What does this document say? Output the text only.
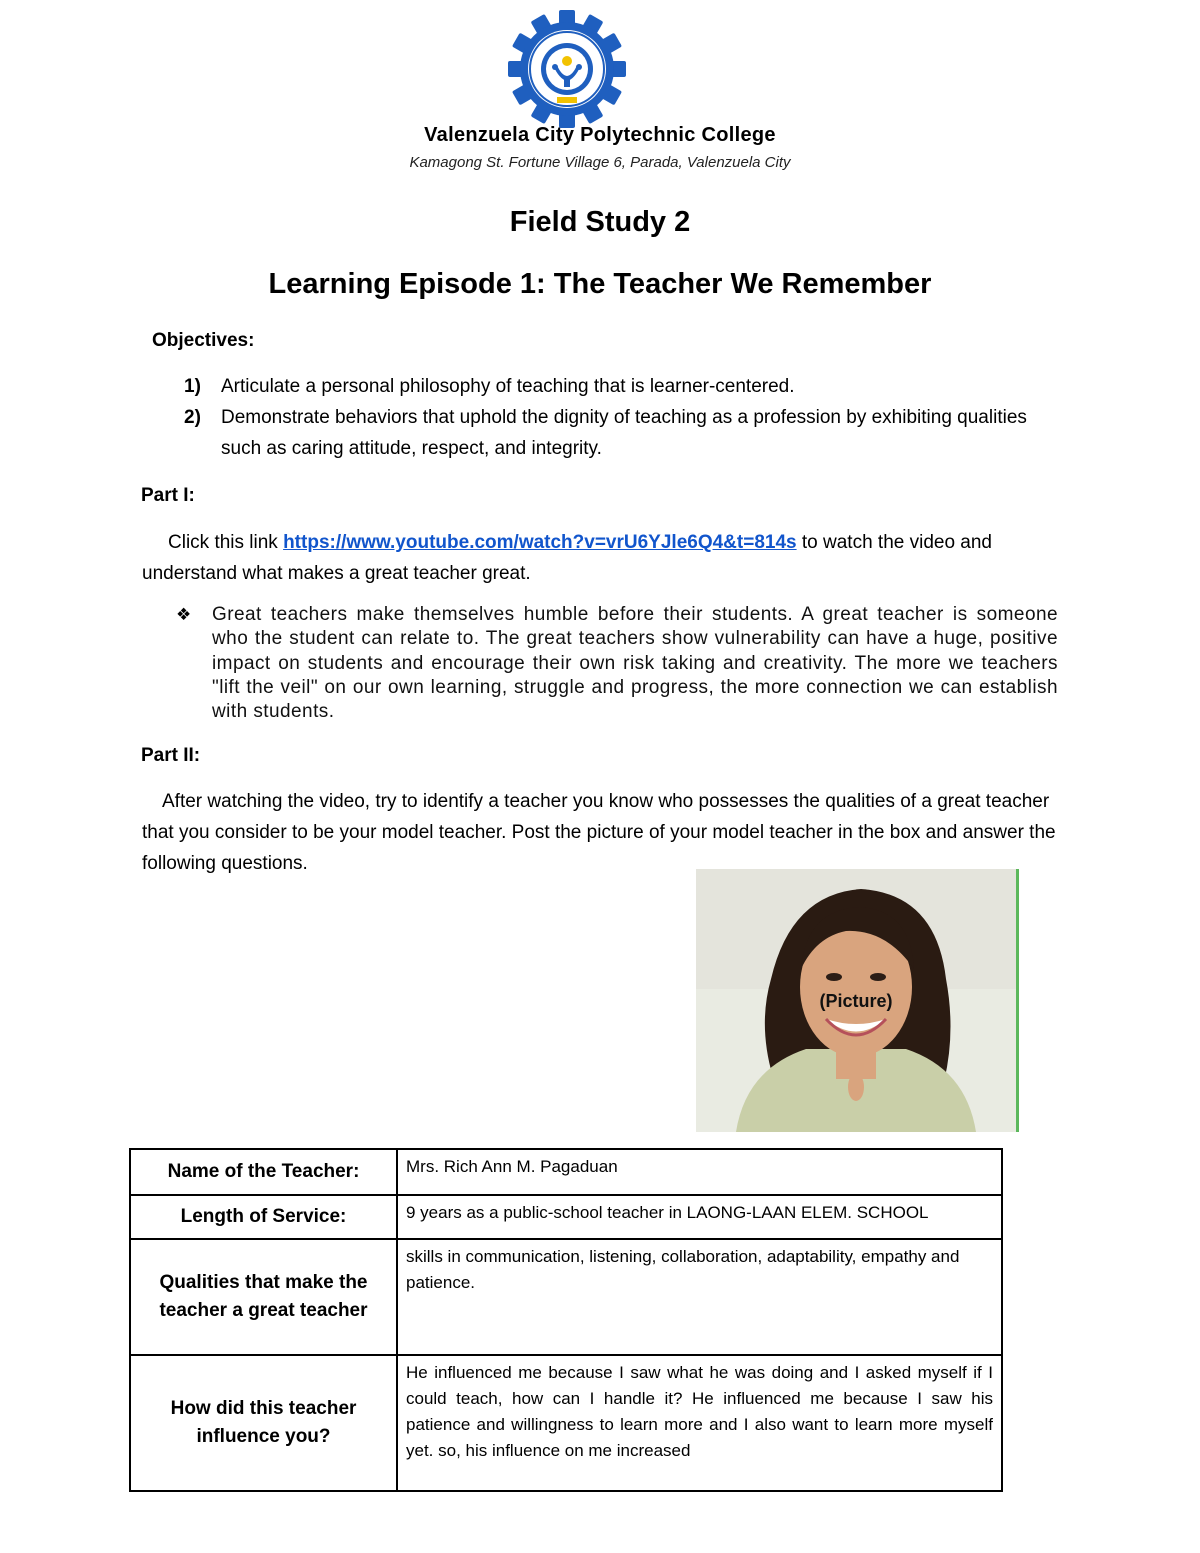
Valenzuela City Polytechnic College
Kamagong St. Fortune Village 6, Parada, Valenzuela City
Field Study 2
Learning Episode 1: The Teacher We Remember
Objectives:
1) Articulate a personal philosophy of teaching that is learner-centered.
2) Demonstrate behaviors that uphold the dignity of teaching as a profession by exhibiting qualities such as caring attitude, respect, and integrity.
Part I:
Click this link https://www.youtube.com/watch?v=vrU6YJle6Q4&t=814s to watch the video and understand what makes a great teacher great.
❖ Great teachers make themselves humble before their students. A great teacher is someone who the student can relate to. The great teachers show vulnerability can have a huge, positive impact on students and encourage their own risk taking and creativity. The more we teachers "lift the veil" on our own learning, struggle and progress, the more connection we can establish with students.
Part II:
After watching the video, try to identify a teacher you know who possesses the qualities of a great teacher that you consider to be your model teacher. Post the picture of your model teacher in the box and answer the following questions.
(Picture)
Name of the Teacher:	Mrs. Rich Ann M. Pagaduan
Length of Service:	9 years as a public-school teacher in LAONG-LAAN ELEM. SCHOOL
Qualities that make the teacher a great teacher	skills in communication, listening, collaboration, adaptability, empathy and patience.
How did this teacher influence you?	He influenced me because I saw what he was doing and I asked myself if I could teach, how can I handle it? He influenced me because I saw his patience and willingness to learn more and I also want to learn more myself yet. so, his influence on me increased
